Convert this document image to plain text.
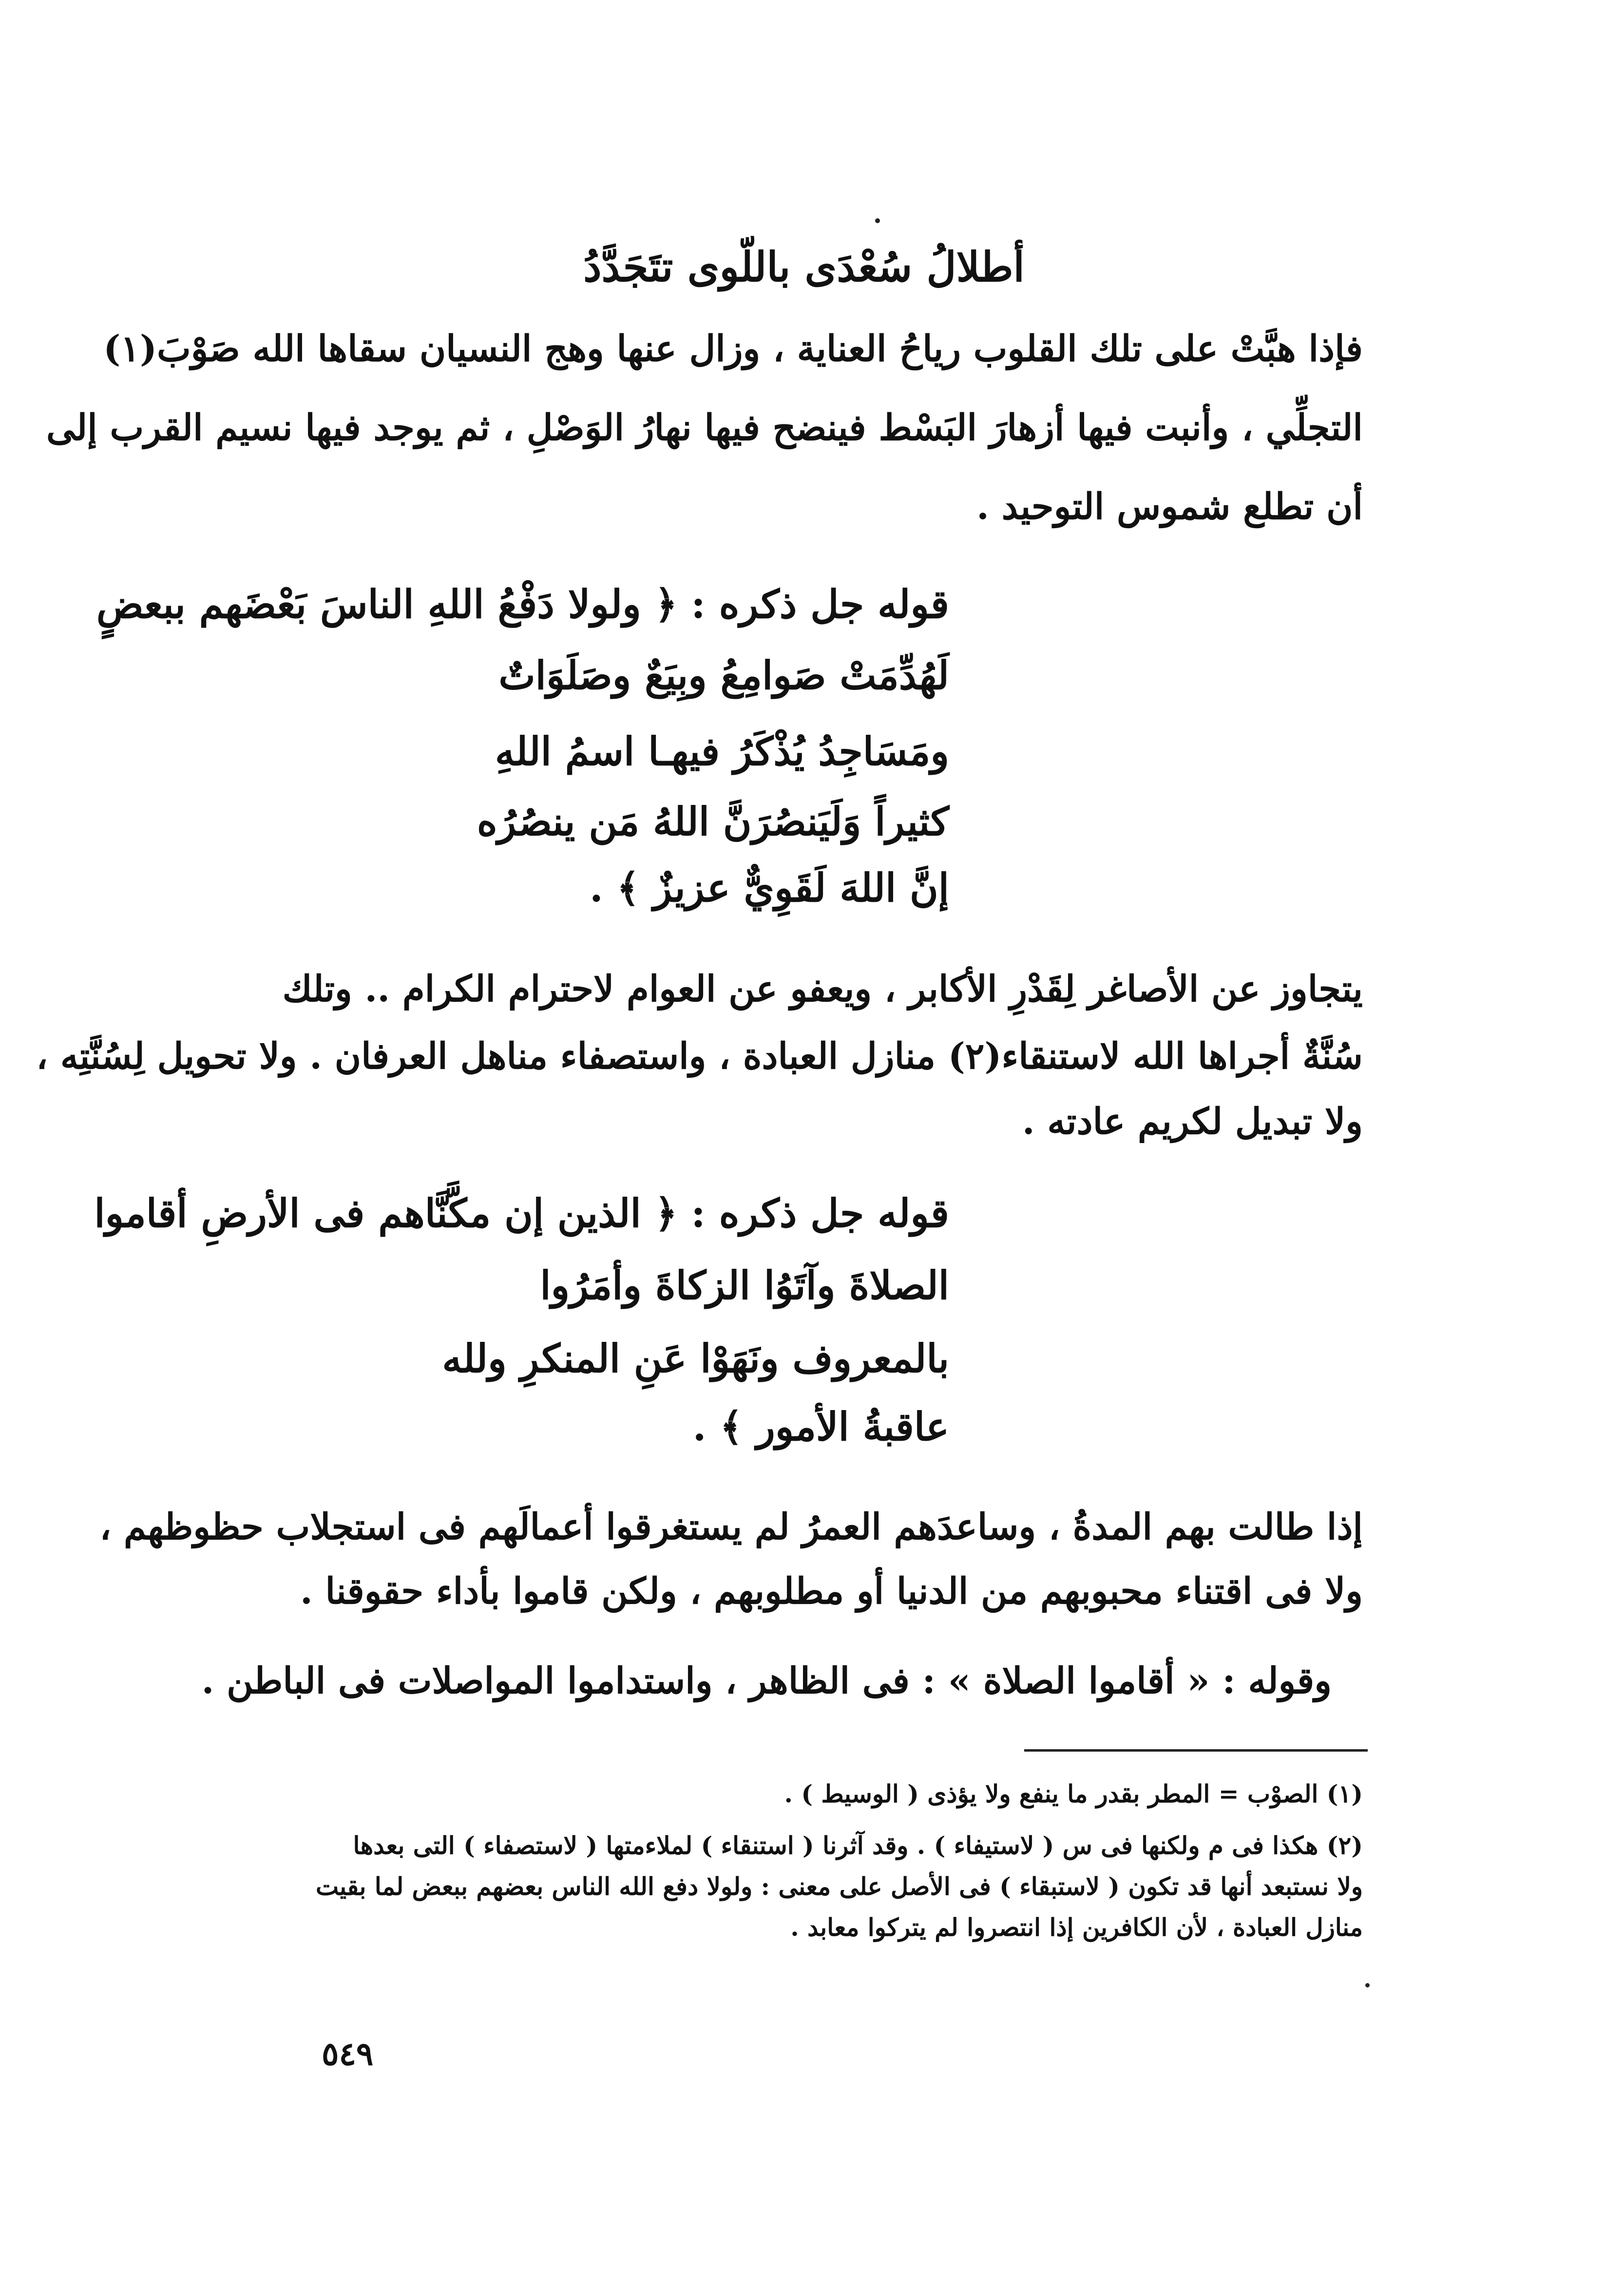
أطلالُ سُعْدَى باللّوى تتَجَدَّدُ
فإذا هبَّتْ على تلك القلوب رياحُ العناية ، وزال عنها وهج النسيان سقاها الله صَوْبَ(١)
التجلِّي ، وأنبت فيها أزهارَ البَسْط فينضح فيها نهارُ الوَصْلِ ، ثم يوجد فيها نسيم القرب إلى
أن تطلع شموس التوحيد .
قوله جل ذكره : ﴿ ولولا دَفْعُ اللهِ الناسَ بَعْضَهم ببعضٍ
لَهُدِّمَتْ صَوامِعُ وبِيَعٌ وصَلَوَاتٌ
ومَسَاجِدُ يُذْكَرُ فيهـا اسمُ اللهِ
كثيراً وَلَيَنصُرَنَّ اللهُ مَن ينصُرُه
إنَّ اللهَ لَقَوِيٌّ عزيزٌ ﴾ .
يتجاوز عن الأصاغر لِقَدْرِ الأكابر ، ويعفو عن العوام لاحترام الكرام .. وتلك
سُنَّةٌ أجراها الله لاستنقاء(٢) منازل العبادة ، واستصفاء مناهل العرفان . ولا تحويل لِسُنَّتِه ،
ولا تبديل لكريم عادته .
قوله جل ذكره : ﴿ الذين إن مكَّنَّاهم فى الأرضِ أقاموا
الصلاةَ وآتَوُا الزكاةَ وأمَرُوا
بالمعروف ونَهَوْا عَنِ المنكرِ ولله
عاقبةُ الأمور ﴾ .
إذا طالت بهم المدةُ ، وساعدَهم العمرُ لم يستغرقوا أعمالَهم فى استجلاب حظوظهم ،
ولا فى اقتناء محبوبهم من الدنيا أو مطلوبهم ، ولكن قاموا بأداء حقوقنا .
وقوله : « أقاموا الصلاة » : فى الظاهر ، واستداموا المواصلات فى الباطن .
(١) الصوْب = المطر بقدر ما ينفع ولا يؤذى ( الوسيط ) .
(٢) هكذا فى م ولكنها فى س ( لاستيفاء ) . وقد آثرنا ( استنقاء ) لملاءمتها ( لاستصفاء ) التى بعدها
ولا نستبعد أنها قد تكون ( لاستبقاء ) فى الأصل على معنى : ولولا دفع الله الناس بعضهم ببعض لما بقيت
منازل العبادة ، لأن الكافرين إذا انتصروا لم يتركوا معابد .
٥٤٩
